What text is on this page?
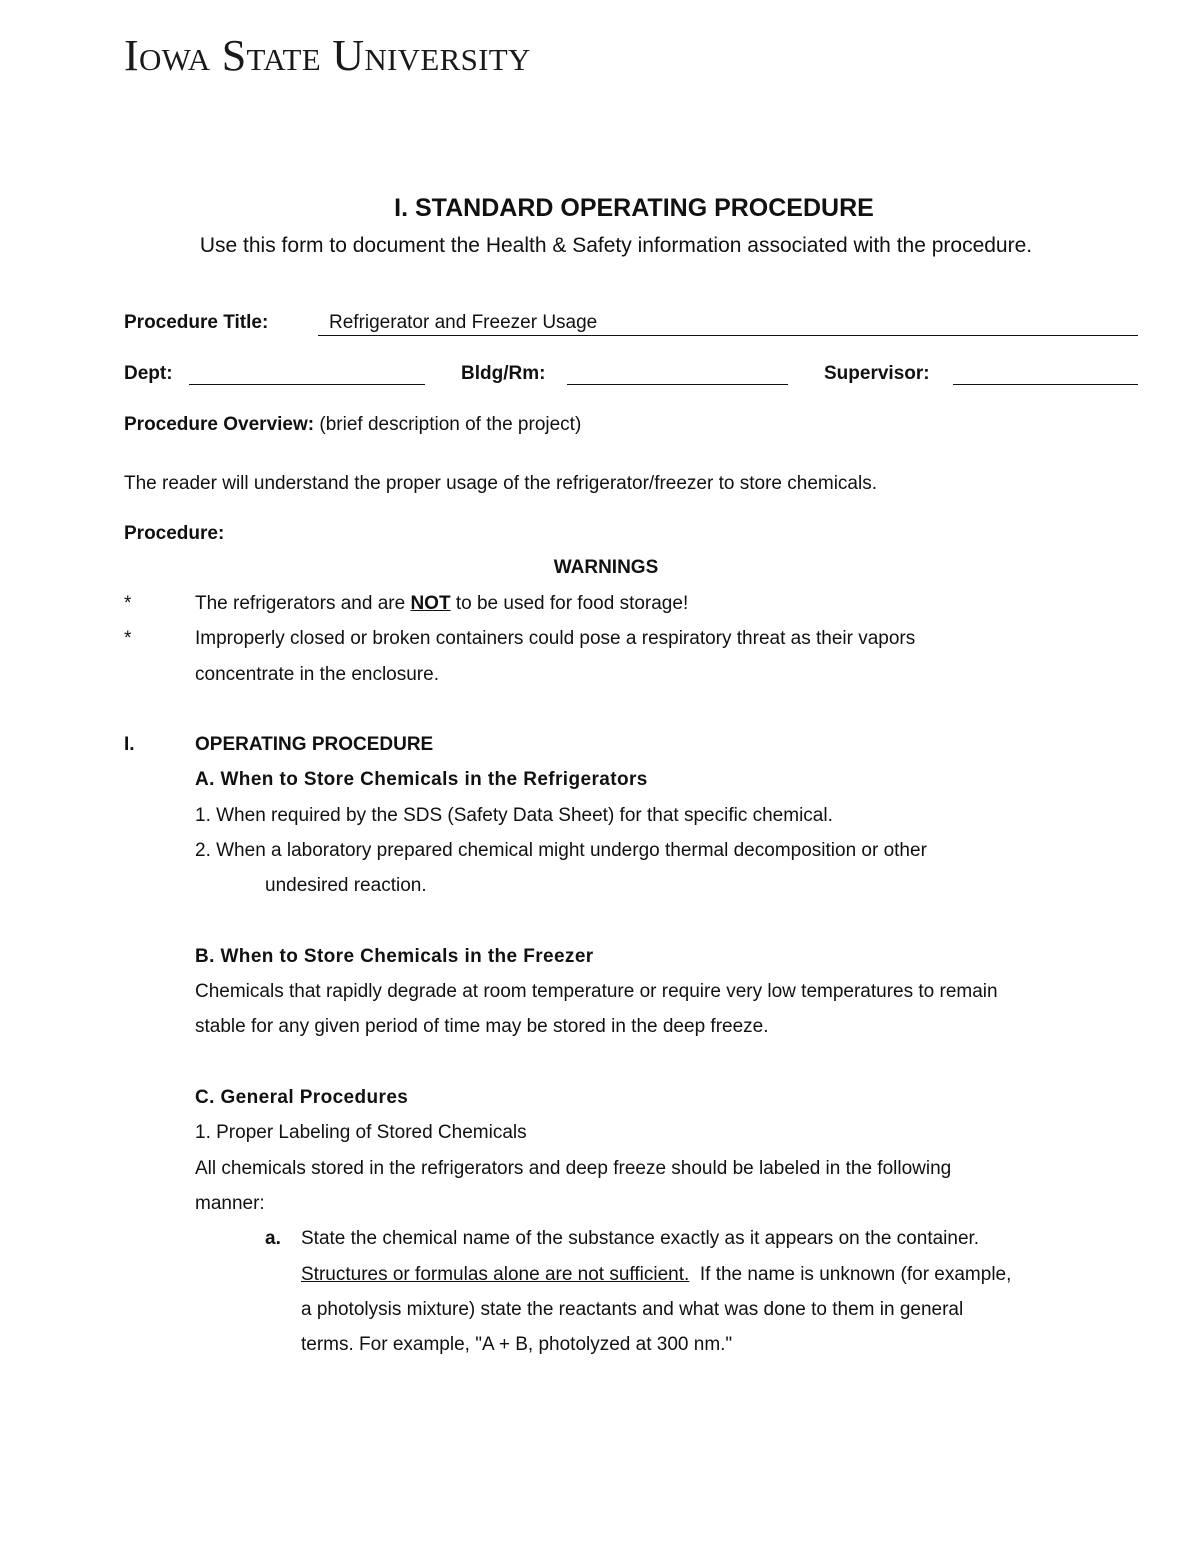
Iowa State University
I. STANDARD OPERATING PROCEDURE
Use this form to document the Health & Safety information associated with the procedure.
Procedure Title:	Refrigerator and Freezer Usage
Dept:	Bldg/Rm:	Supervisor:
Procedure Overview: (brief description of the project)
The reader will understand the proper usage of the refrigerator/freezer to store chemicals.
Procedure:
WARNINGS
*	The refrigerators and are NOT to be used for food storage!
*	Improperly closed or broken containers could pose a respiratory threat as their vapors
concentrate in the enclosure.
I.	OPERATING PROCEDURE
A. When to Store Chemicals in the Refrigerators
1. When required by the SDS (Safety Data Sheet) for that specific chemical.
2. When a laboratory prepared chemical might undergo thermal decomposition or other
undesired reaction.
B. When to Store Chemicals in the Freezer
Chemicals that rapidly degrade at room temperature or require very low temperatures to remain
stable for any given period of time may be stored in the deep freeze.
C. General Procedures
1. Proper Labeling of Stored Chemicals
All chemicals stored in the refrigerators and deep freeze should be labeled in the following
manner:
a. State the chemical name of the substance exactly as it appears on the container.
Structures or formulas alone are not sufficient.  If the name is unknown (for example,
a photolysis mixture) state the reactants and what was done to them in general
terms. For example, "A + B, photolyzed at 300 nm."
